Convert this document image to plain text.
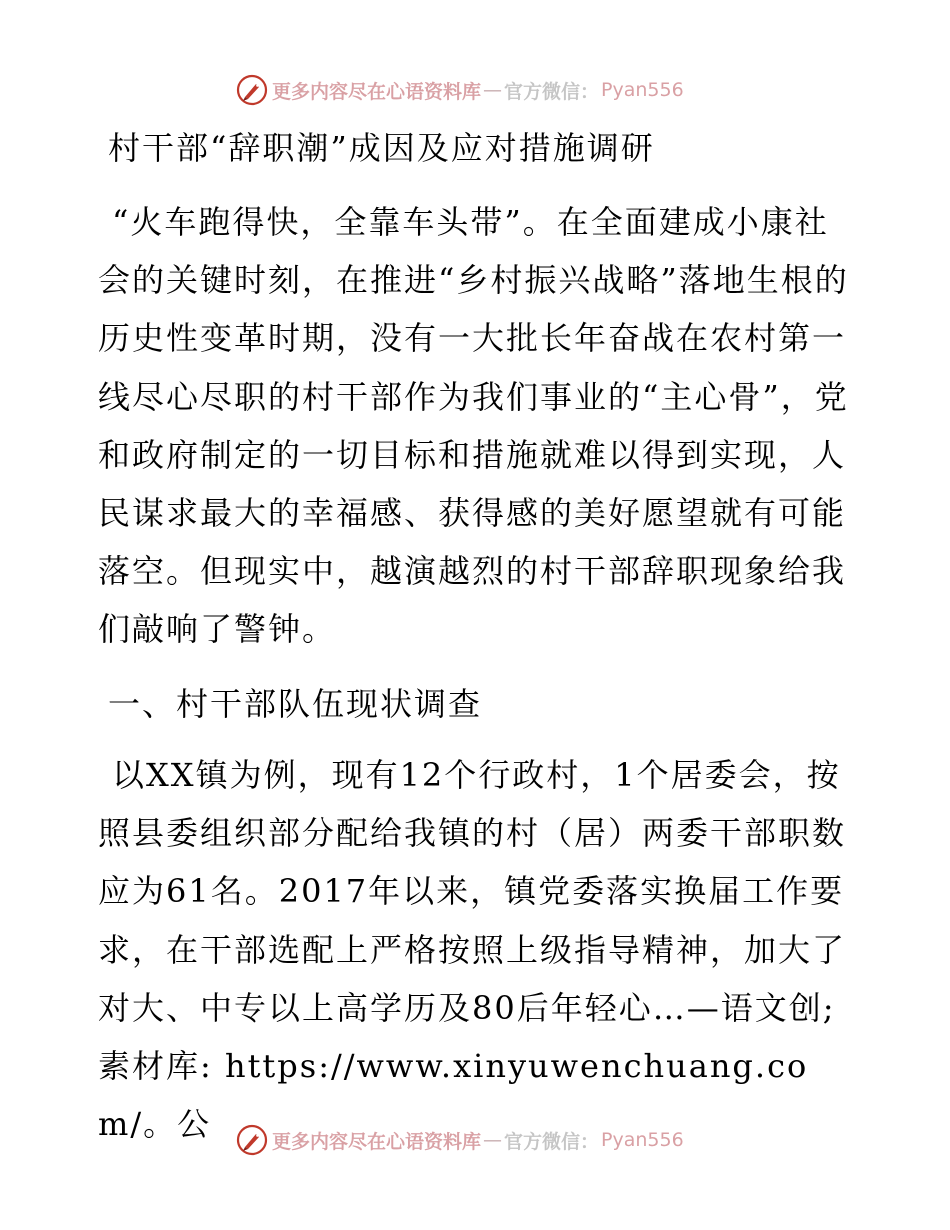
更多内容尽在心语资料库 — 官方微信： Pyan556
村干部“辞职潮”成因及应对措施调研

“火车跑得快，全靠车头带”。在全面建成小康社会的关键时刻，在推进“乡村振兴战略”落地生根的历史性变革时期，没有一大批长年奋战在农村第一线尽心尽职的村干部作为我们事业的“主心骨”，党和政府制定的一切目标和措施就难以得到实现，人民谋求最大的幸福感、获得感的美好愿望就有可能落空。但现实中，越演越烈的村干部辞职现象给我们敲响了警钟。

一、村干部队伍现状调查

以XX镇为例，现有12个行政村，1个居委会，按照县委组织部分配给我镇的村（居）两委干部职数应为61名。2017年以来，镇党委落实换届工作要求，在干部选配上严格按照上级指导精神，加大了对大、中专以上高学历及80后年轻心…—语文创;素材库: https://www.xinyuwenchuang.com/。公	更多内容尽在心语资料库 — 官方微信： Pyan556
